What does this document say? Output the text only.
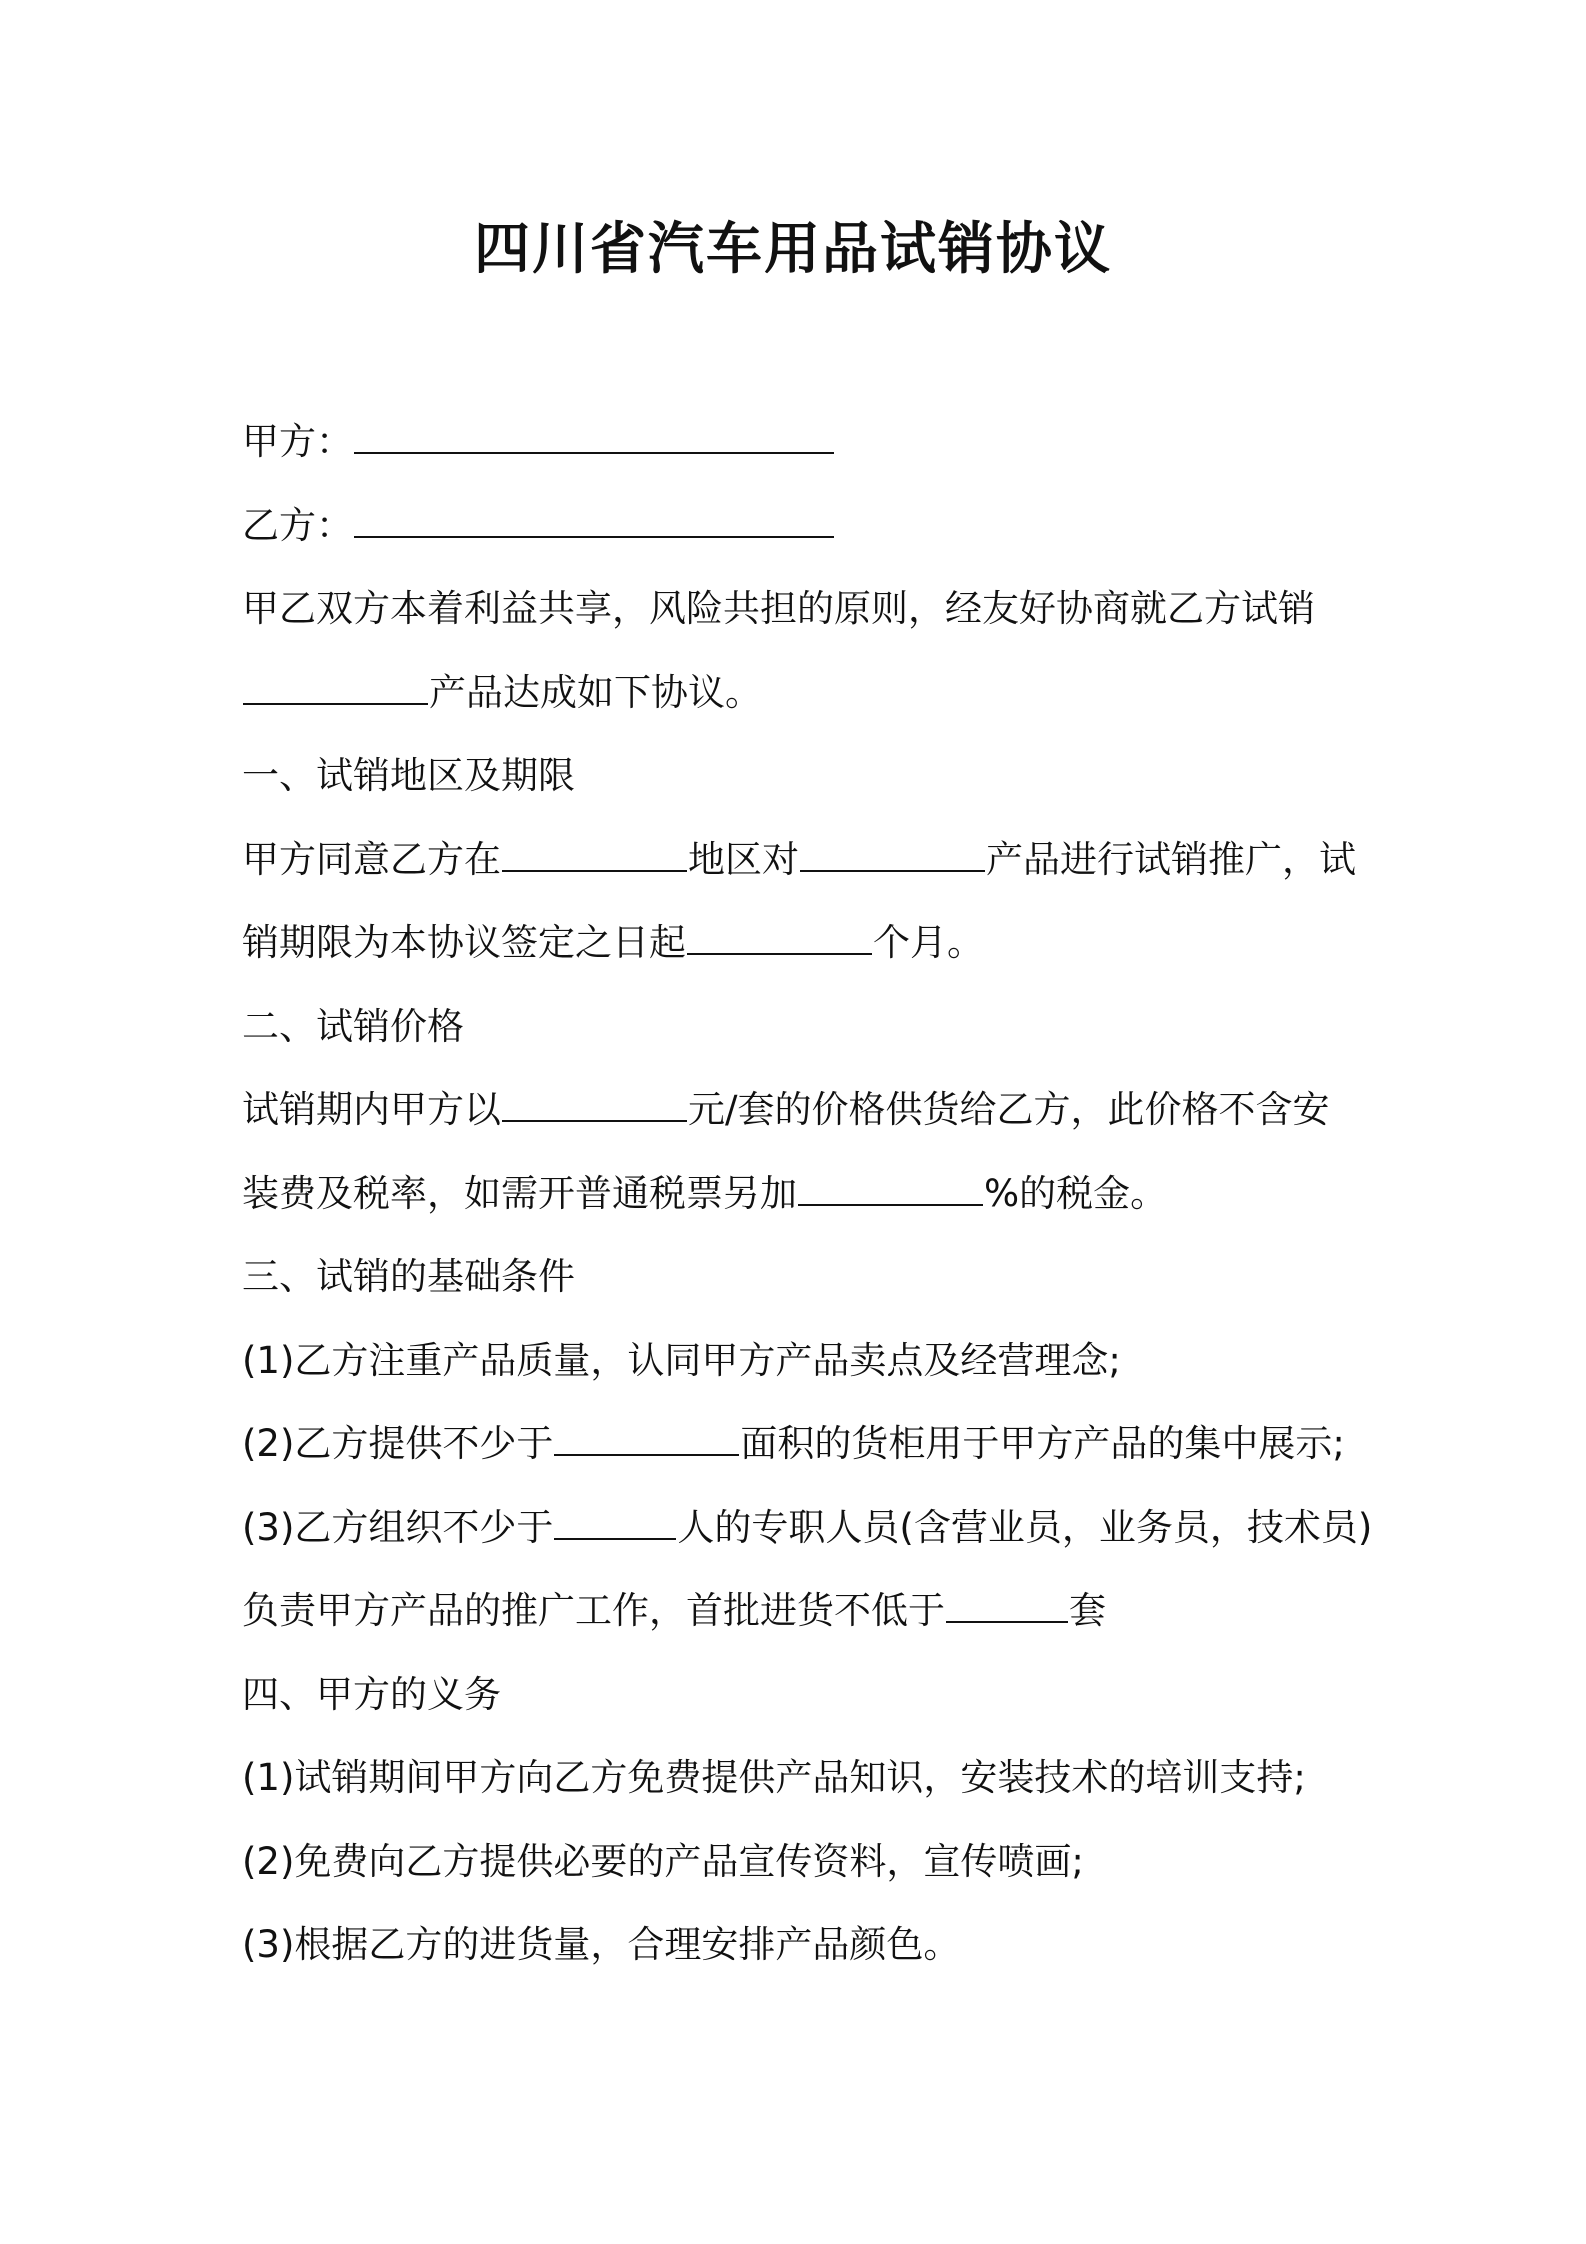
四川省汽车用品试销协议

甲方：

乙方：

甲乙双方本着利益共享，风险共担的原则，经友好协商就乙方试销

产品达成如下协议。

一、试销地区及期限

甲方同意乙方在	地区对	产品进行试销推广，试

销期限为本协议签定之日起	个月。

二、试销价格

试销期内甲方以	元/套的价格供货给乙方，此价格不含安

装费及税率，如需开普通税票另加	%的税金。

三、试销的基础条件

(1)乙方注重产品质量，认同甲方产品卖点及经营理念;

(2)乙方提供不少于	面积的货柜用于甲方产品的集中展示;

(3)乙方组织不少于	人的专职人员(含营业员，业务员，技术员)

负责甲方产品的推广工作，首批进货不低于	套

四、甲方的义务

(1)试销期间甲方向乙方免费提供产品知识，安装技术的培训支持;

(2)免费向乙方提供必要的产品宣传资料，宣传喷画;

(3)根据乙方的进货量，合理安排产品颜色。
